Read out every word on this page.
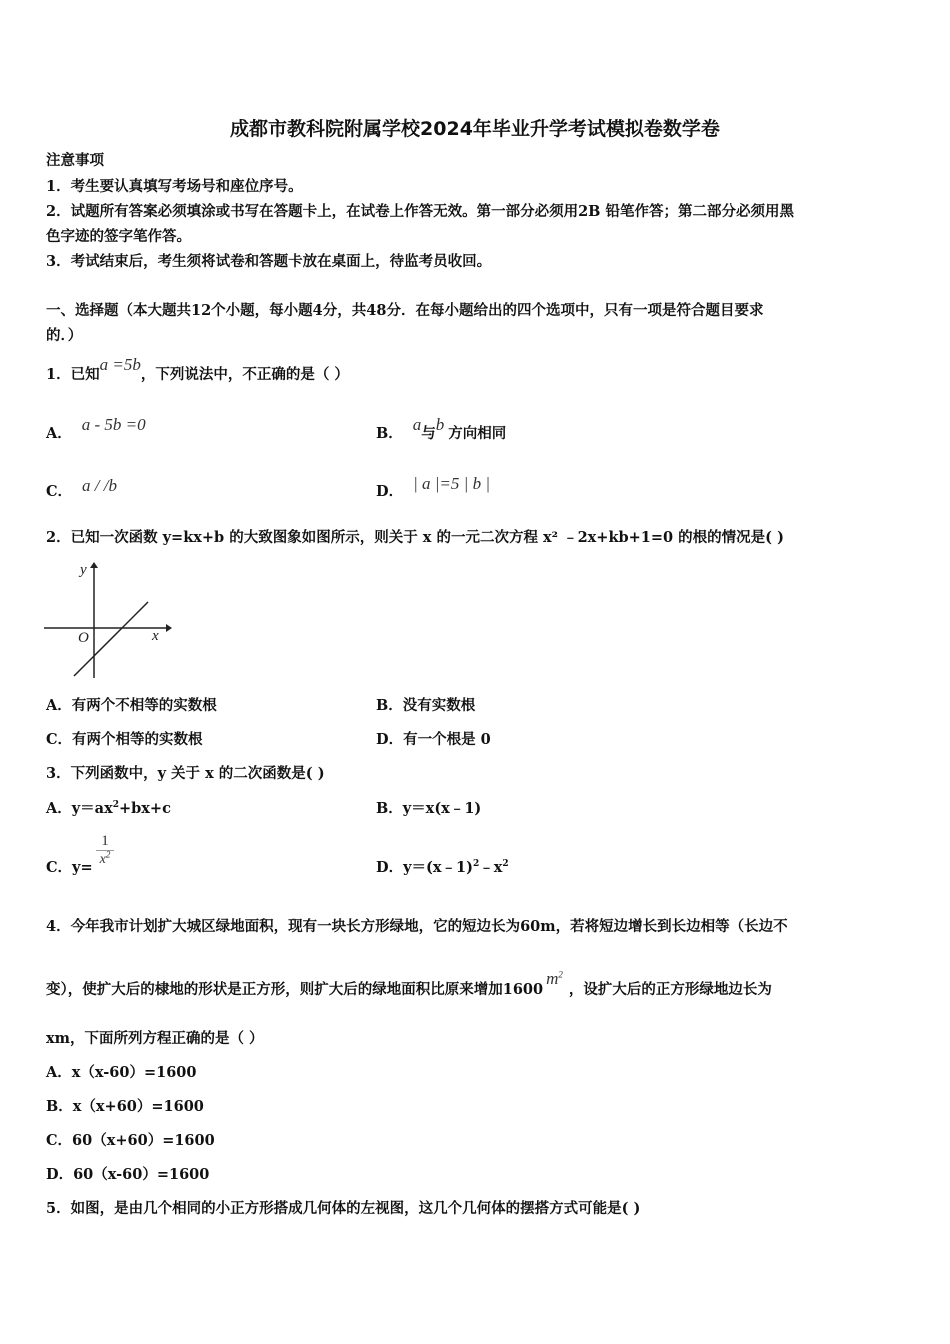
成都市教科院附属学校2024年毕业升学考试模拟卷数学卷
注意事项
1．考生要认真填写考场号和座位序号。
2．试题所有答案必须填涂或书写在答题卡上，在试卷上作答无效。第一部分必须用2B 铅笔作答；第二部分必须用黑
色字迹的签字笔作答。
3．考试结束后，考生须将试卷和答题卡放在桌面上，待监考员收回。
一、选择题（本大题共12个小题，每小题4分，共48分．在每小题给出的四个选项中，只有一项是符合题目要求
的．）
1．已知a =5b，下列说法中，不正确的是（ ）
A． a - 5b =0	B． a与b 方向相同
C． a / /b	D． | a |=5 | b |
2．已知一次函数 y=kx+b 的大致图象如图所示，则关于 x 的一元二次方程 x² ﹣2x+kb+1=0 的根的情况是( )
y
x
O
A．有两个不相等的实数根	B．没有实数根
C．有两个相等的实数根	D．有一个根是 0
3．下列函数中，y 关于 x 的二次函数是( )
A．$y=ax^2+bx+c$	B．y＝x(x﹣1)
C．$y= \frac{1}{x^2}$	D．$y=(x﹣1)^2﹣x^2$
4．今年我市计划扩大城区绿地面积，现有一块长方形绿地，它的短边长为60m，若将短边增长到长边相等（长边不
变），使扩大后的棣地的形状是正方形，则扩大后的绿地面积比原来增加$1600m^2$，设扩大后的正方形绿地边长为
xm，下面所列方程正确的是（ ）
A．x（x-60）=1600
B．x（x+60）=1600
C．60（x+60）=1600
D．60（x-60）=1600
5．如图，是由几个相同的小正方形搭成几何体的左视图，这几个几何体的摆搭方式可能是( )
